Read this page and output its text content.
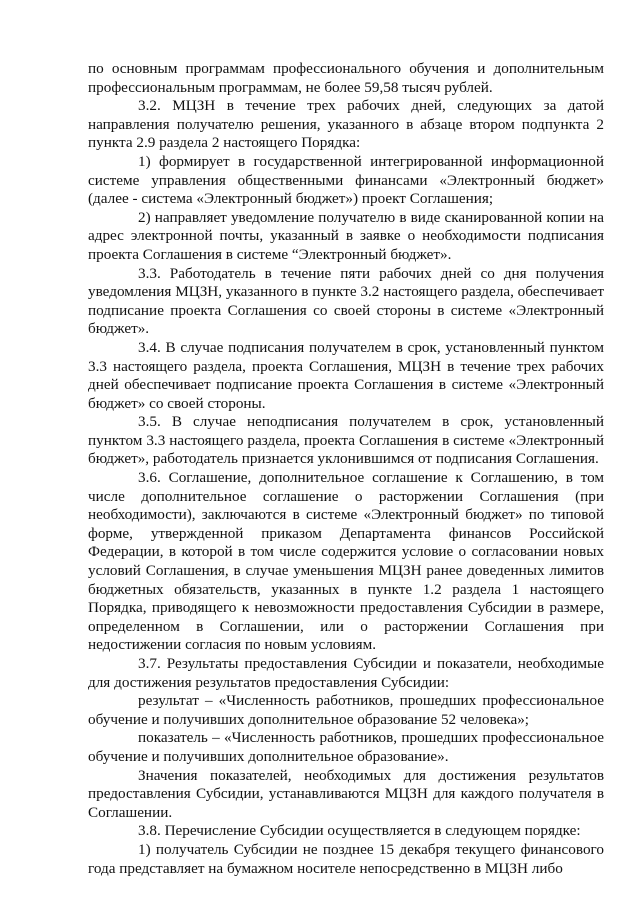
по основным программам профессионального обучения и дополнительным профессиональным программам, не более 59,58 тысяч рублей.

3.2. МЦЗН в течение трех рабочих дней, следующих за датой направления получателю решения, указанного в абзаце втором подпункта 2 пункта 2.9 раздела 2 настоящего Порядка:

1) формирует в государственной интегрированной информационной системе управления общественными финансами «Электронный бюджет» (далее - система «Электронный бюджет») проект Соглашения;

2) направляет уведомление получателю в виде сканированной копии на адрес электронной почты, указанный в заявке о необходимости подписания проекта Соглашения в системе “Электронный бюджет».

3.3. Работодатель в течение пяти рабочих дней со дня получения уведомления МЦЗН, указанного в пункте 3.2 настоящего раздела, обеспечивает подписание проекта Соглашения со своей стороны в системе «Электронный бюджет».

3.4. В случае подписания получателем в срок, установленный пунктом 3.3 настоящего раздела, проекта Соглашения, МЦЗН в течение трех рабочих дней обеспечивает подписание проекта Соглашения в системе «Электронный бюджет» со своей стороны.

3.5. В случае неподписания получателем в срок, установленный пунктом 3.3 настоящего раздела, проекта Соглашения в системе «Электронный бюджет», работодатель признается уклонившимся от подписания Соглашения.

3.6. Соглашение, дополнительное соглашение к Соглашению, в том числе дополнительное соглашение о расторжении Соглашения (при необходимости), заключаются в системе «Электронный бюджет» по типовой форме, утвержденной приказом Департамента финансов Российской Федерации, в которой в том числе содержится условие о согласовании новых условий Соглашения, в случае уменьшения МЦЗН ранее доведенных лимитов бюджетных обязательств, указанных в пункте 1.2 раздела 1 настоящего Порядка, приводящего к невозможности предоставления Субсидии в размере, определенном в Соглашении, или о расторжении Соглашения при недостижении согласия по новым условиям.

3.7. Результаты предоставления Субсидии и показатели, необходимые для достижения результатов предоставления Субсидии:

результат – «Численность работников, прошедших профессиональное обучение и получивших дополнительное образование 52 человека»;

показатель – «Численность работников, прошедших профессиональное обучение и получивших дополнительное образование».

Значения показателей, необходимых для достижения результатов предоставления Субсидии, устанавливаются МЦЗН для каждого получателя в Соглашении.

3.8. Перечисление Субсидии осуществляется в следующем порядке:

1) получатель Субсидии не позднее 15 декабря текущего финансового года представляет на бумажном носителе непосредственно в МЦЗН либо
